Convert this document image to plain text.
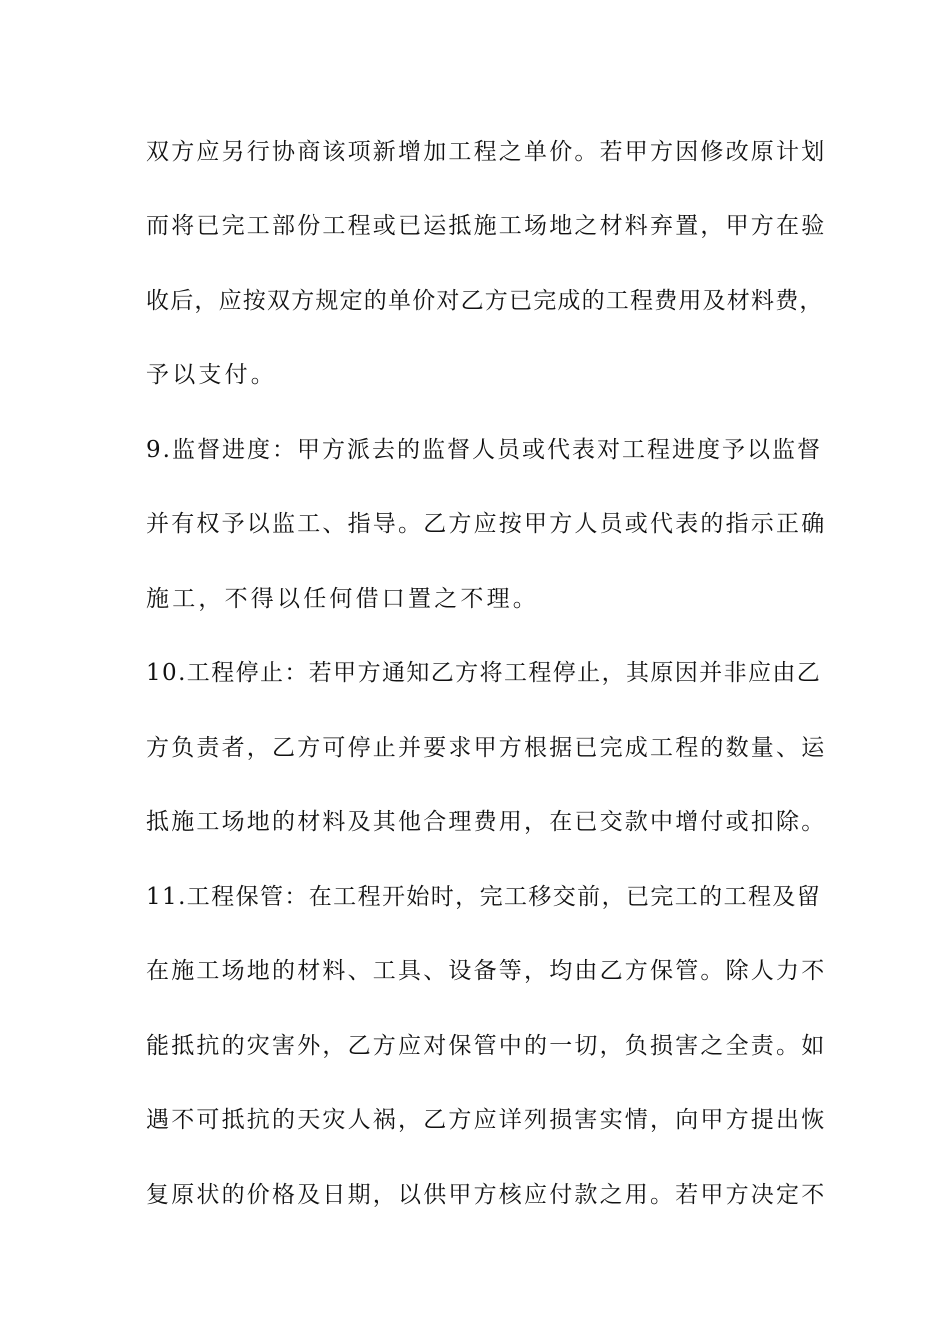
双方应另行协商该项新增加工程之单价。若甲方因修改原计划
而将已完工部份工程或已运抵施工场地之材料弃置，甲方在验
收后，应按双方规定的单价对乙方已完成的工程费用及材料费，
予以支付。
9.监督进度：甲方派去的监督人员或代表对工程进度予以监督
并有权予以监工、指导。乙方应按甲方人员或代表的指示正确
施工，不得以任何借口置之不理。
10.工程停止：若甲方通知乙方将工程停止，其原因并非应由乙
方负责者，乙方可停止并要求甲方根据已完成工程的数量、运
抵施工场地的材料及其他合理费用，在已交款中增付或扣除。
11.工程保管：在工程开始时，完工移交前，已完工的工程及留
在施工场地的材料、工具、设备等，均由乙方保管。除人力不
能抵抗的灾害外，乙方应对保管中的一切，负损害之全责。如
遇不可抵抗的天灾人祸，乙方应详列损害实情，向甲方提出恢
复原状的价格及日期，以供甲方核应付款之用。若甲方决定不
